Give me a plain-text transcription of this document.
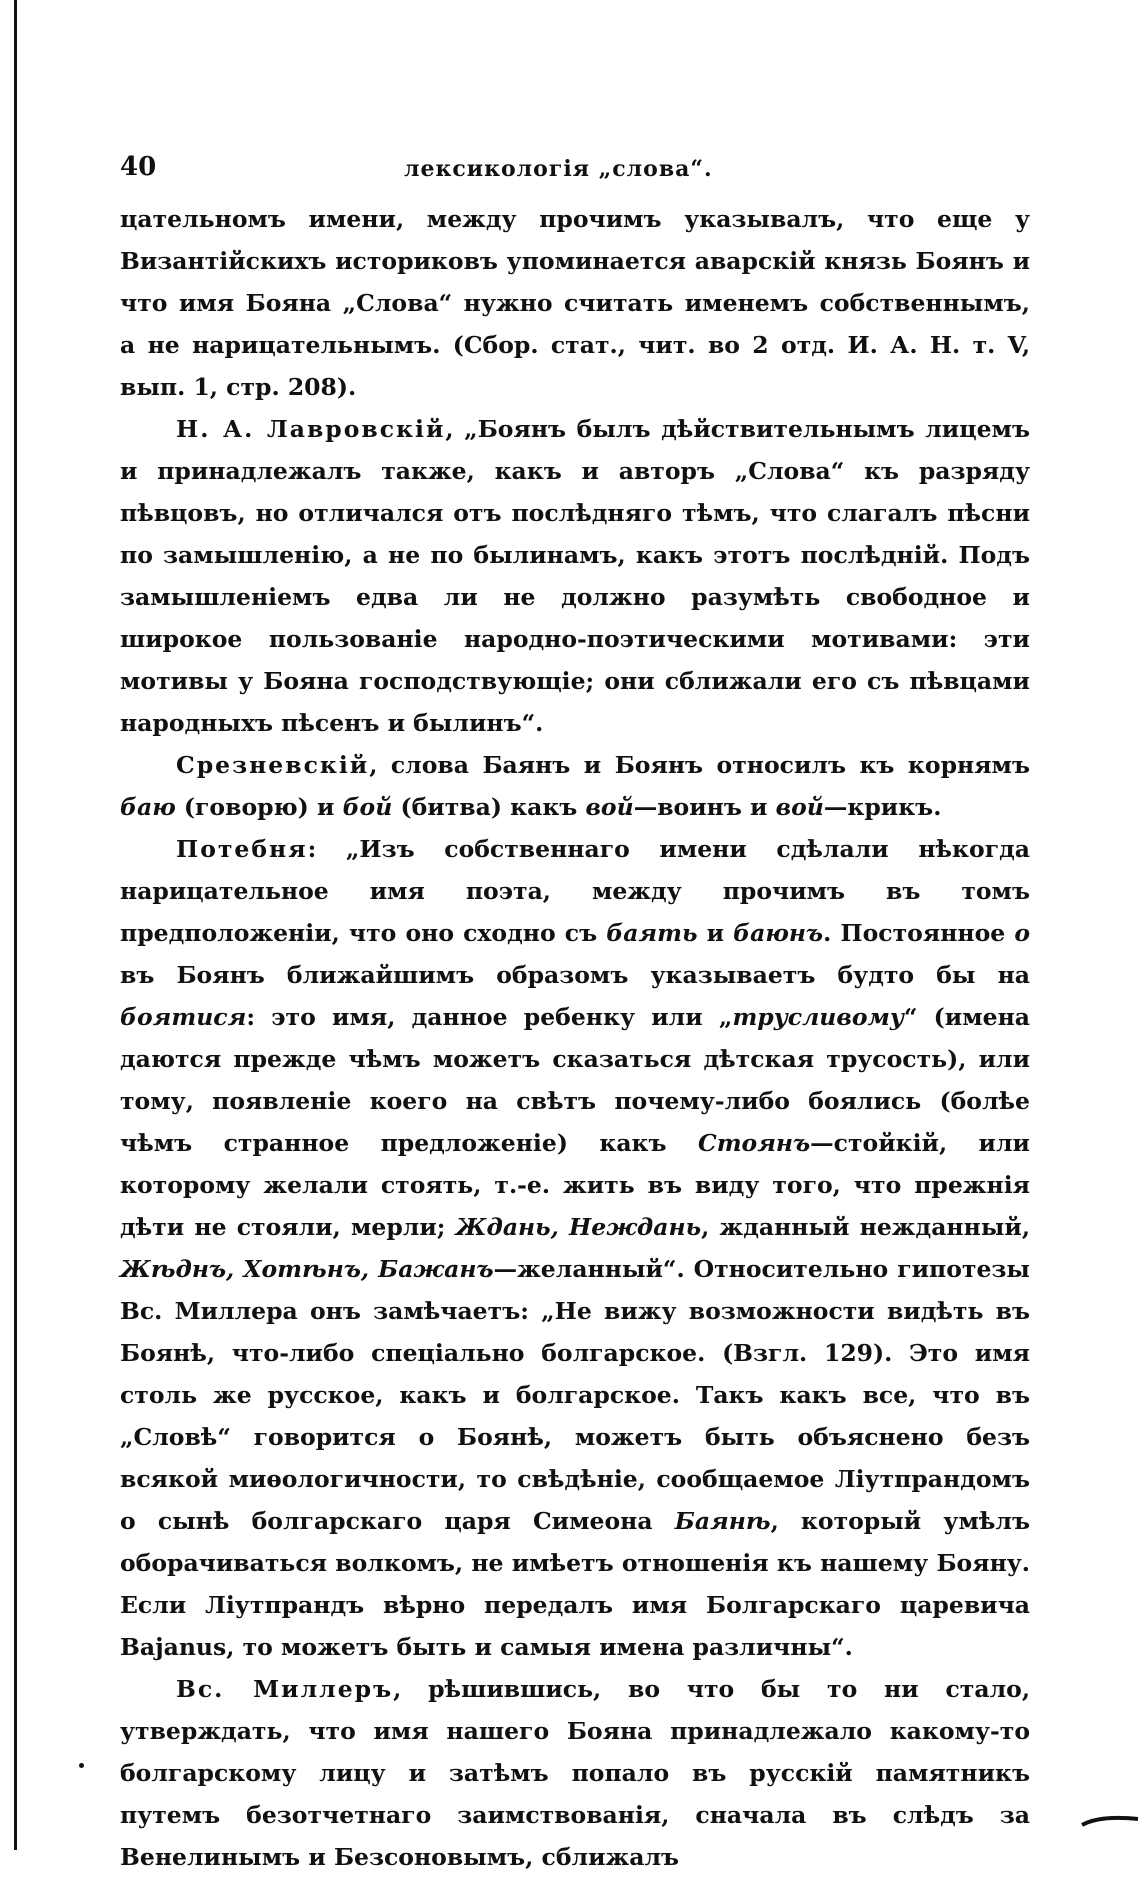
40	лексикологія „слова“.

цательномъ имени, между прочимъ указывалъ, что еще у Византійскихъ историковъ упоминается аварскій князь Боянъ и что имя Бояна „Слова“ нужно считать именемъ собственнымъ, а не нарицательнымъ. (Сбор. стат., чит. во 2 отд. И. А. Н. т. V, вып. 1, стр. 208).

Н. А. Лавровскій, „Боянъ былъ дѣйствительнымъ лицемъ и принадлежалъ также, какъ и авторъ „Слова“ къ разряду пѣвцовъ, но отличался отъ послѣдняго тѣмъ, что слагалъ пѣсни по замышленію, а не по былинамъ, какъ этотъ послѣдній. Подъ замышленіемъ едва ли не должно разумѣть свободное и широкое пользованіе народно-поэтическими мотивами: эти мотивы у Бояна господствующіе; они сближали его съ пѣвцами народныхъ пѣсенъ и былинъ“.

Срезневскій, слова Баянъ и Боянъ относилъ къ корнямъ баю (говорю) и бой (битва) какъ вой—воинъ и вой—крикъ.

Потебня: „Изъ собственнаго имени сдѣлали нѣкогда нарицательное имя поэта, между прочимъ въ томъ предположеніи, что оно сходно съ баять и баюнъ. Постоянное о въ Боянъ ближайшимъ образомъ указываетъ будто бы на боятися: это имя, данное ребенку или „трусливому“ (имена даются прежде чѣмъ можетъ сказаться дѣтская трусость), или тому, появленіе коего на свѣтъ почему-либо боялись (болѣе чѣмъ странное предложеніе) какъ Стоянъ—стойкій, или которому желали стоять, т.-е. жить въ виду того, что прежнія дѣти не стояли, мерли; Ждань, Неждань, жданный нежданный, Жѣднъ, Хотѣнъ, Бажанъ—желанный“. Относительно гипотезы Вс. Миллера онъ замѣчаетъ: „Не вижу возможности видѣть въ Боянѣ, что-либо спеціально болгарское. (Взгл. 129). Это имя столь же русское, какъ и болгарское. Такъ какъ все, что въ „Словѣ“ говорится о Боянѣ, можетъ быть объяснено безъ всякой миѳологичности, то свѣдѣніе, сообщаемое Ліутпрандомъ о сынѣ болгарскаго царя Симеона Баянѣ, который умѣлъ оборачиваться волкомъ, не имѣетъ отношенія къ нашему Бояну. Если Ліутпрандъ вѣрно передалъ имя Болгарскаго царевича Bajanus, то можетъ быть и самыя имена различны“.

Вс. Миллеръ, рѣшившись, во что бы то ни стало, утверждать, что имя нашего Бояна принадлежало какому-то болгарскому лицу и затѣмъ попало въ русскій памятникъ путемъ безотчетнаго заимствованія, сначала въ слѣдъ за Венелинымъ и Безсоновымъ, сближалъ
